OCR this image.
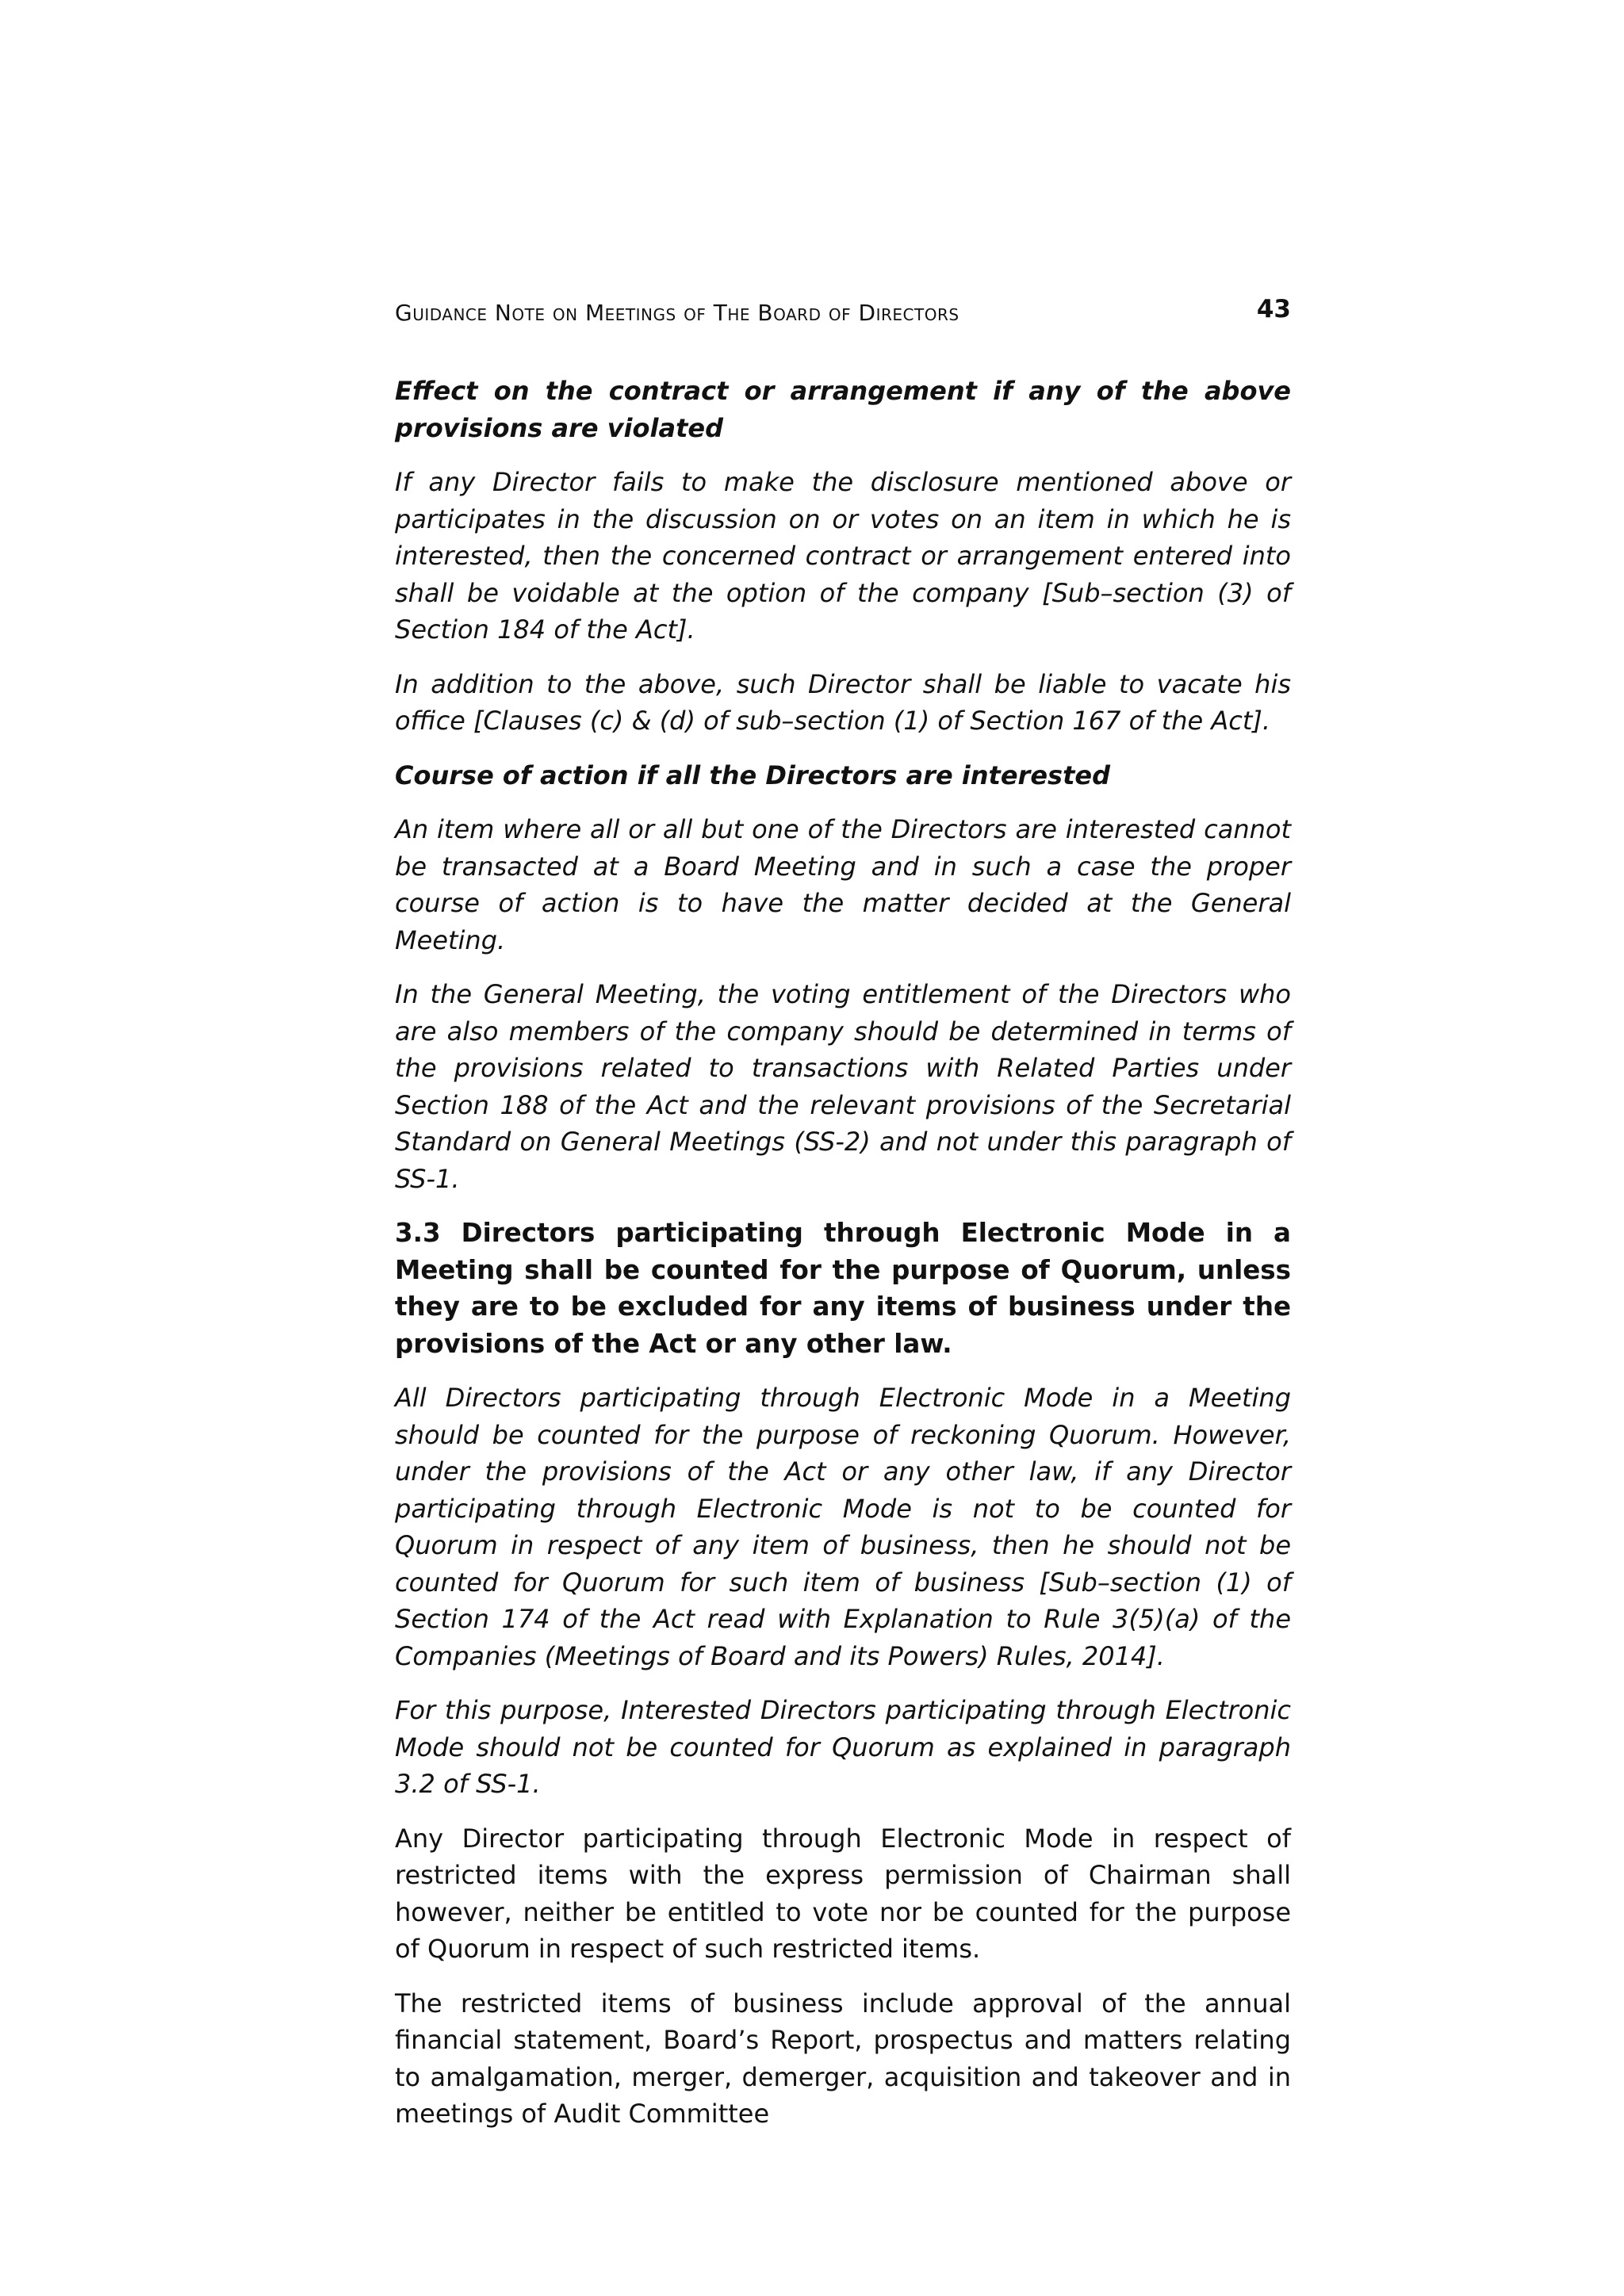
Guidance Note on Meetings of The Board of Directors	43

Effect on the contract or arrangement if any of the above provisions are violated

If any Director fails to make the disclosure mentioned above or participates in the discussion on or votes on an item in which he is interested, then the concerned contract or arrangement entered into shall be voidable at the option of the company [Sub–section (3) of Section 184 of the Act].

In addition to the above, such Director shall be liable to vacate his office [Clauses (c) & (d) of sub–section (1) of Section 167 of the Act].

Course of action if all the Directors are interested

An item where all or all but one of the Directors are interested cannot be transacted at a Board Meeting and in such a case the proper course of action is to have the matter decided at the General Meeting.

In the General Meeting, the voting entitlement of the Directors who are also members of the company should be determined in terms of the provisions related to transactions with Related Parties under Section 188 of the Act and the relevant provisions of the Secretarial Standard on General Meetings (SS-2) and not under this paragraph of SS-1.

3.3 Directors participating through Electronic Mode in a Meeting shall be counted for the purpose of Quorum, unless they are to be excluded for any items of business under the provisions of the Act or any other law.

All Directors participating through Electronic Mode in a Meeting should be counted for the purpose of reckoning Quorum. However, under the provisions of the Act or any other law, if any Director participating through Electronic Mode is not to be counted for Quorum in respect of any item of business, then he should not be counted for Quorum for such item of business [Sub–section (1) of Section 174 of the Act read with Explanation to Rule 3(5)(a) of the Companies (Meetings of Board and its Powers) Rules, 2014].

For this purpose, Interested Directors participating through Electronic Mode should not be counted for Quorum as explained in paragraph 3.2 of SS-1.

Any Director participating through Electronic Mode in respect of restricted items with the express permission of Chairman shall however, neither be entitled to vote nor be counted for the purpose of Quorum in respect of such restricted items.

The restricted items of business include approval of the annual financial statement, Board’s Report, prospectus and matters relating to amalgamation, merger, demerger, acquisition and takeover and in meetings of Audit Committee
